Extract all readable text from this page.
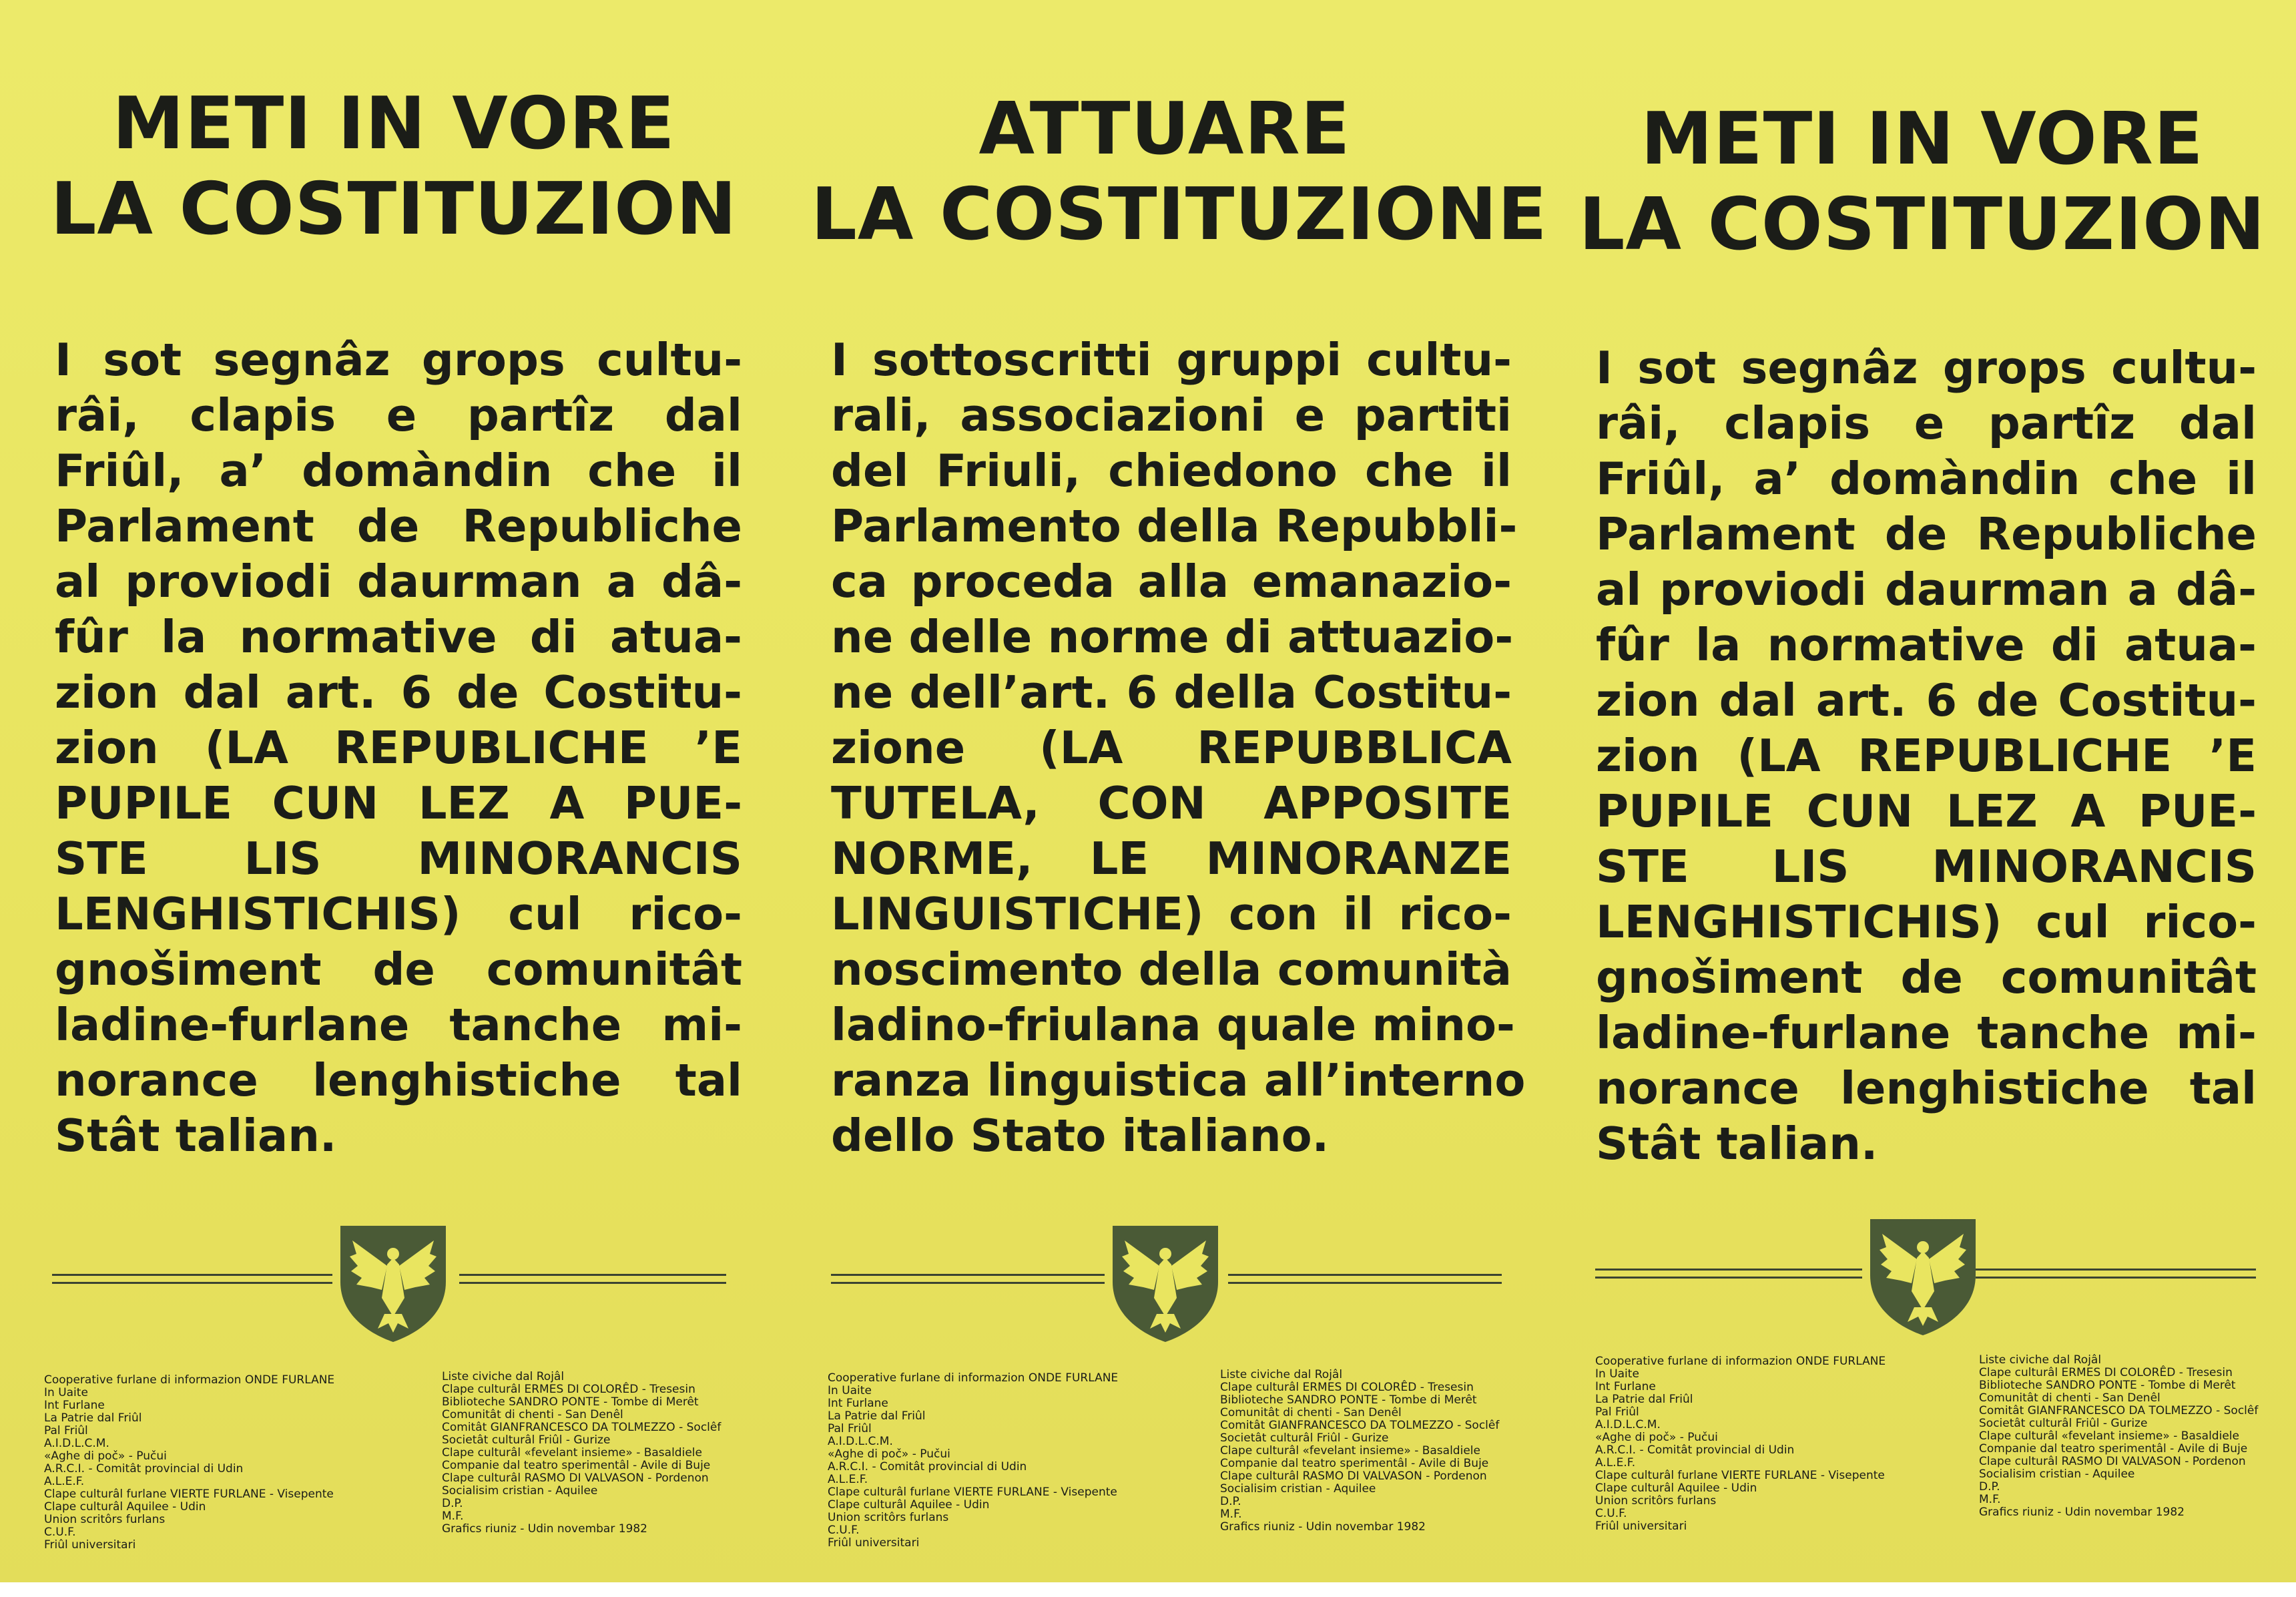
METI IN VORE
LA COSTITUZION
I sot segnâz grops cultu-
râi, clapis e partîz dal
Friûl, a’ domàndin che il
Parlament de Republiche
al proviodi daurman a dâ-
fûr la normative di atua-
zion dal art. 6 de Costitu-
zion (LA REPUBLICHE ’E
PUPILE CUN LEZ A PUE-
STE LIS MINORANCIS
LENGHISTICHIS) cul rico-
gnošiment de comunitât
ladine-furlane tanche mi-
norance lenghistiche tal
Stât talian.
ATTUARE
LA COSTITUZIONE
I sottoscritti gruppi cultu-
rali, associazioni e partiti
del Friuli, chiedono che il
Parlamento della Repubbli-
ca proceda alla emanazio-
ne delle norme di attuazio-
ne dell’art. 6 della Costitu-
zione (LA REPUBBLICA
TUTELA, CON APPOSITE
NORME, LE MINORANZE
LINGUISTICHE) con il rico-
noscimento della comunità
ladino-friulana quale mino-
ranza linguistica all’interno
dello Stato italiano.
METI IN VORE
LA COSTITUZION
I sot segnâz grops cultu-
râi, clapis e partîz dal
Friûl, a’ domàndin che il
Parlament de Republiche
al proviodi daurman a dâ-
fûr la normative di atua-
zion dal art. 6 de Costitu-
zion (LA REPUBLICHE ’E
PUPILE CUN LEZ A PUE-
STE LIS MINORANCIS
LENGHISTICHIS) cul rico-
gnošiment de comunitât
ladine-furlane tanche mi-
norance lenghistiche tal
Stât talian.
Cooperative furlane di informazion ONDE FURLANE
In Uaite
Int Furlane
La Patrie dal Friûl
Pal Friûl
A.I.D.L.C.M.
«Aghe di poč» - Pučui
A.R.C.I. - Comitât provincial di Udin
A.L.E.F.
Clape culturâl furlane VIERTE FURLANE - Visepente
Clape culturâl Aquilee - Udin
Union scritôrs furlans
C.U.F.
Friûl universitari
Liste civiche dal Rojâl
Clape culturâl ERMES DI COLORÊD - Tresesin
Biblioteche SANDRO PONTE - Tombe di Merêt
Comunitât di chenti - San Denêl
Comitât GIANFRANCESCO DA TOLMEZZO - Soclêf
Societât culturâl Friûl - Gurize
Clape culturâl «fevelant insieme» - Basaldiele
Companie dal teatro sperimentâl - Avile di Buje
Clape culturâl RASMO DI VALVASON - Pordenon
Socialisim cristian - Aquilee
D.P.
M.F.
Grafics riuniz - Udin novembar 1982
Cooperative furlane di informazion ONDE FURLANE
In Uaite
Int Furlane
La Patrie dal Friûl
Pal Friûl
A.I.D.L.C.M.
«Aghe di poč» - Pučui
A.R.C.I. - Comitât provincial di Udin
A.L.E.F.
Clape culturâl furlane VIERTE FURLANE - Visepente
Clape culturâl Aquilee - Udin
Union scritôrs furlans
C.U.F.
Friûl universitari
Liste civiche dal Rojâl
Clape culturâl ERMES DI COLORÊD - Tresesin
Biblioteche SANDRO PONTE - Tombe di Merêt
Comunitât di chenti - San Denêl
Comitât GIANFRANCESCO DA TOLMEZZO - Soclêf
Societât culturâl Friûl - Gurize
Clape culturâl «fevelant insieme» - Basaldiele
Companie dal teatro sperimentâl - Avile di Buje
Clape culturâl RASMO DI VALVASON - Pordenon
Socialisim cristian - Aquilee
D.P.
M.F.
Grafics riuniz - Udin novembar 1982
Cooperative furlane di informazion ONDE FURLANE
In Uaite
Int Furlane
La Patrie dal Friûl
Pal Friûl
A.I.D.L.C.M.
«Aghe di poč» - Pučui
A.R.C.I. - Comitât provincial di Udin
A.L.E.F.
Clape culturâl furlane VIERTE FURLANE - Visepente
Clape culturâl Aquilee - Udin
Union scritôrs furlans
C.U.F.
Friûl universitari
Liste civiche dal Rojâl
Clape culturâl ERMES DI COLORÊD - Tresesin
Biblioteche SANDRO PONTE - Tombe di Merêt
Comunitât di chenti - San Denêl
Comitât GIANFRANCESCO DA TOLMEZZO - Soclêf
Societât culturâl Friûl - Gurize
Clape culturâl «fevelant insieme» - Basaldiele
Companie dal teatro sperimentâl - Avile di Buje
Clape culturâl RASMO DI VALVASON - Pordenon
Socialisim cristian - Aquilee
D.P.
M.F.
Grafics riuniz - Udin novembar 1982
